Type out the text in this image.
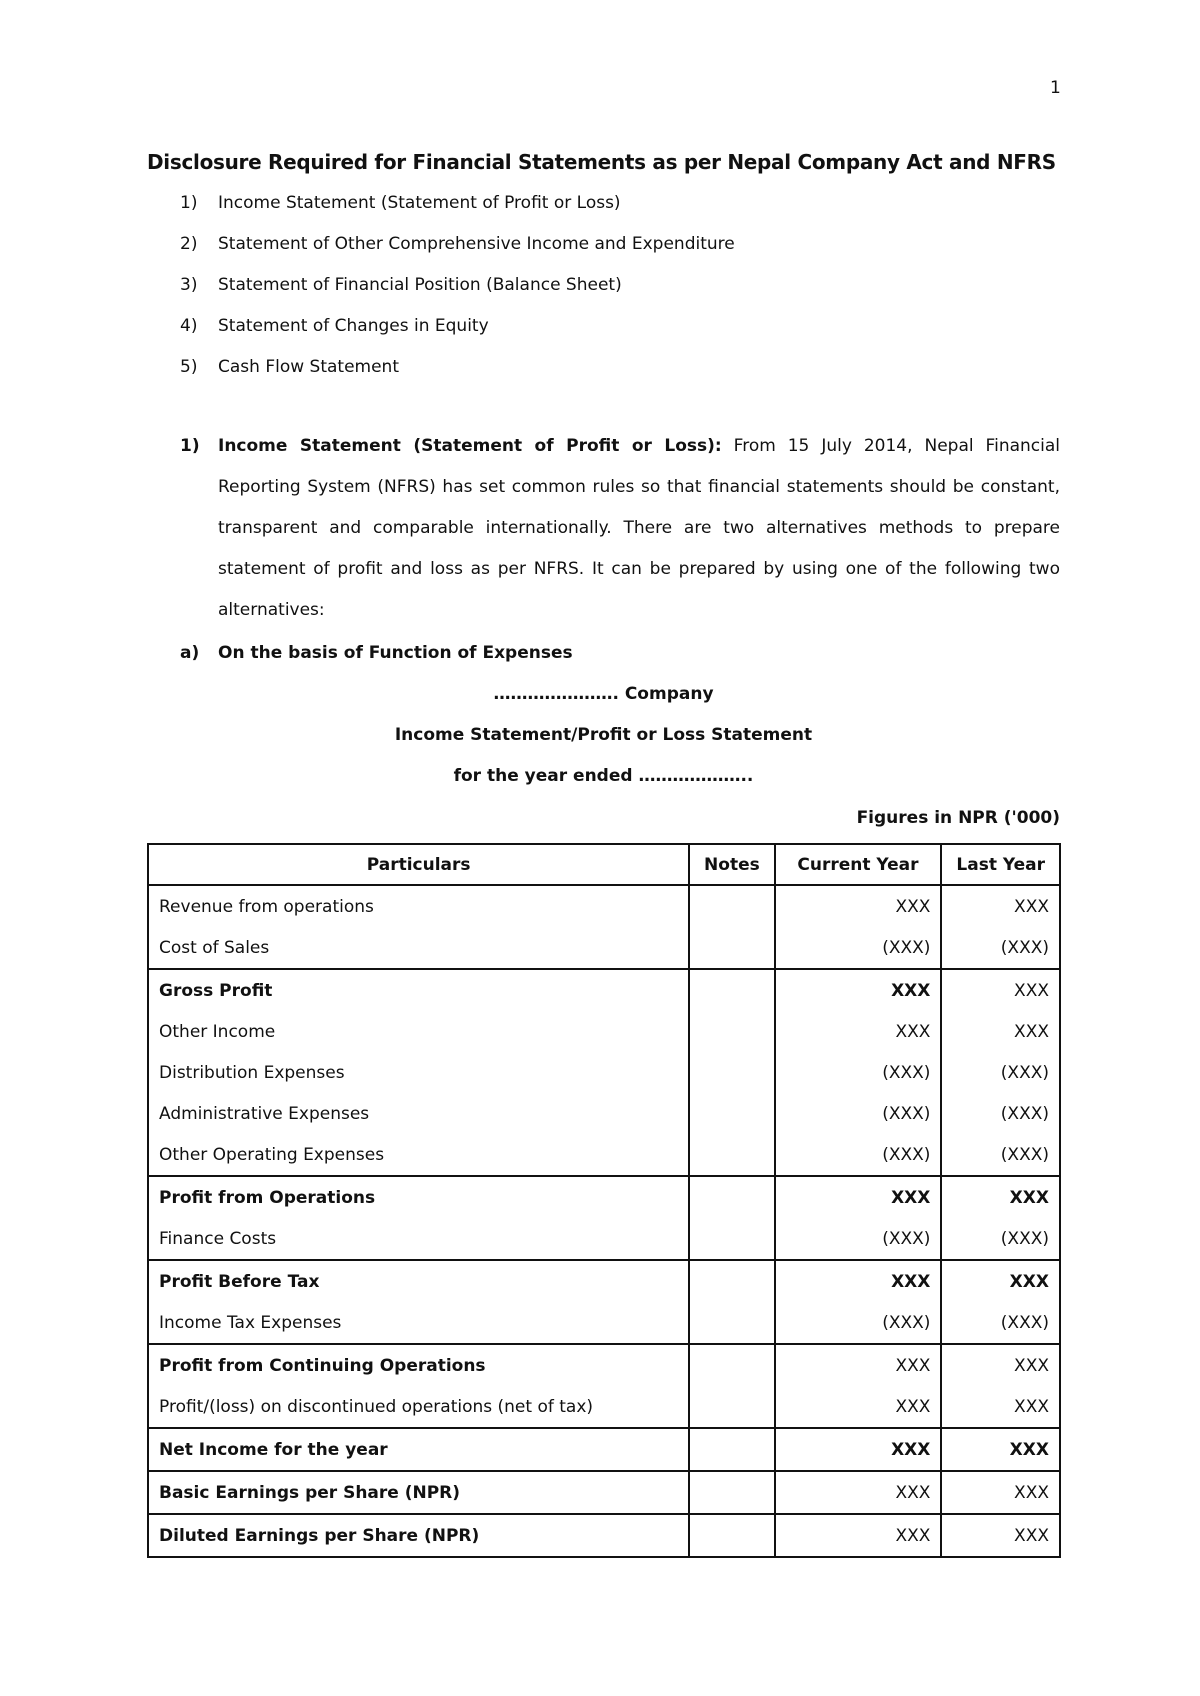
1
Disclosure Required for Financial Statements as per Nepal Company Act and NFRS
1)	Income Statement (Statement of Profit or Loss)
2)	Statement of Other Comprehensive Income and Expenditure
3)	Statement of Financial Position (Balance Sheet)
4)	Statement of Changes in Equity
5)	Cash Flow Statement
1)	Income Statement (Statement of Profit or Loss): From 15 July 2014, Nepal Financial Reporting System (NFRS) has set common rules so that financial statements should be constant, transparent and comparable internationally. There are two alternatives methods to prepare statement of profit and loss as per NFRS. It can be prepared by using one of the following two alternatives:

a)	On the basis of Function of Expenses
…………………. Company
Income Statement/Profit or Loss Statement
for the year ended ………………..
Figures in NPR ('000)
Particulars	Notes	Current Year	Last Year
Revenue from operations		XXX	XXX
Cost of Sales		(XXX)	(XXX)
Gross Profit		XXX	XXX
Other Income		XXX	XXX
Distribution Expenses		(XXX)	(XXX)
Administrative Expenses		(XXX)	(XXX)
Other Operating Expenses		(XXX)	(XXX)
Profit from Operations		XXX	XXX
Finance Costs		(XXX)	(XXX)
Profit Before Tax		XXX	XXX
Income Tax Expenses		(XXX)	(XXX)
Profit from Continuing Operations		XXX	XXX
Profit/(loss) on discontinued operations (net of tax)		XXX	XXX
Net Income for the year		XXX	XXX
Basic Earnings per Share (NPR)		XXX	XXX
Diluted Earnings per Share (NPR)		XXX	XXX
